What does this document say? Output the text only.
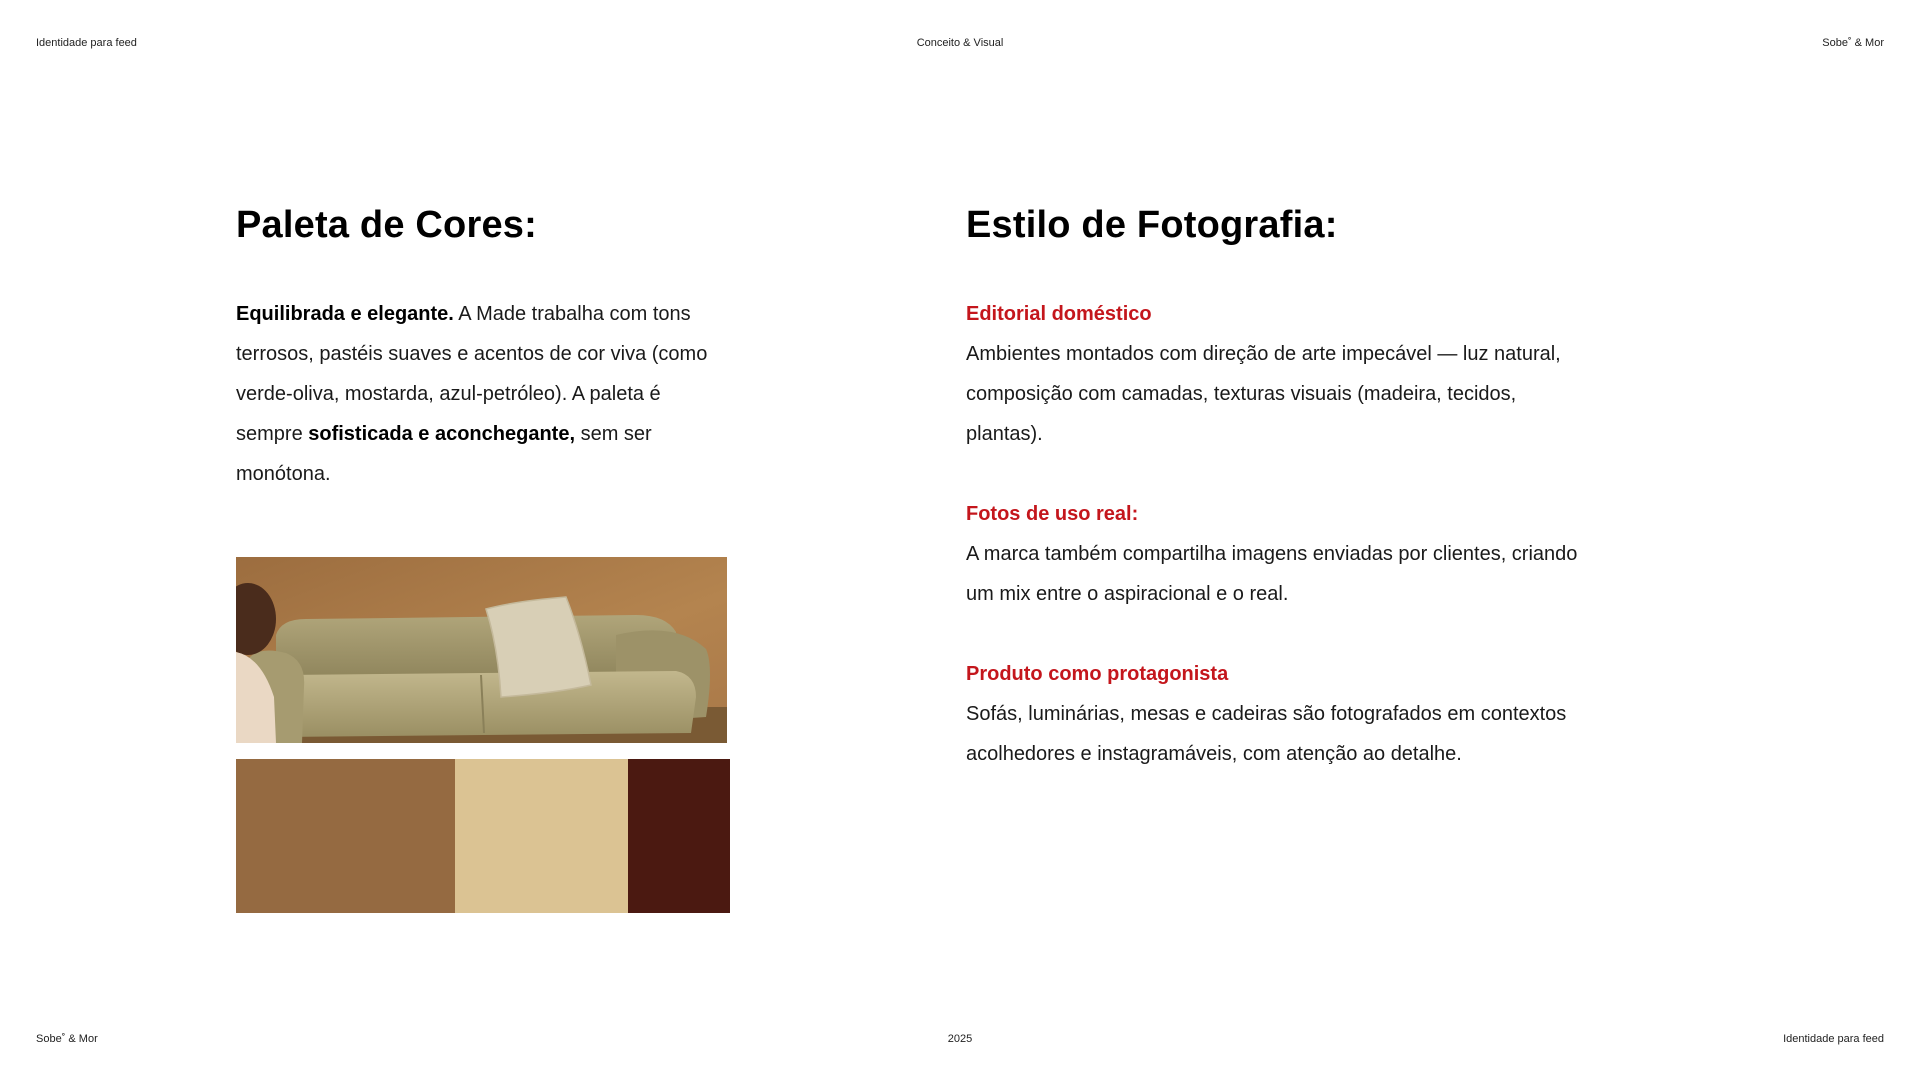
Identidade para feed	Conceito & Visual	Sobe˚ & Mor
Paleta de Cores:
Equilibrada e elegante. A Made trabalha com tons terrosos, pastéis suaves e acentos de cor viva (como verde-oliva, mostarda, azul-petróleo). A paleta é sempre sofisticada e aconchegante, sem ser monótona.
Estilo de Fotografia:
Editorial doméstico
Ambientes montados com direção de arte impecável — luz natural, composição com camadas, texturas visuais (madeira, tecidos, plantas).
Fotos de uso real:
A marca também compartilha imagens enviadas por clientes, criando um mix entre o aspiracional e o real.
Produto como protagonista
Sofás, luminárias, mesas e cadeiras são fotografados em contextos acolhedores e instagramáveis, com atenção ao detalhe.
Sobe˚ & Mor	2025	Identidade para feed
